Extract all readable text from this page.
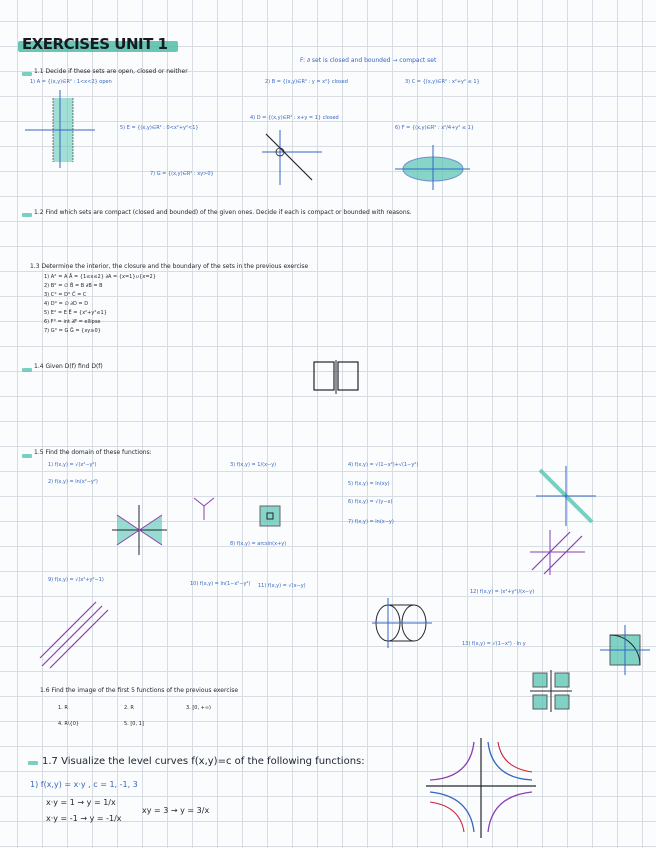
EXERCISES UNIT 1
1.1 Decide if these sets are open, closed or neither
F: ∂ set is closed and bounded → compact set
1) A = {(x,y)∈R² : 1<x<2} open	2) B = {(x,y)∈R² : y = x²} closed	3) C = {(x,y)∈R² : x²+y² ≤ 1}
4) D = {(x,y)∈R² : x+y = 1} closed
5) E = {(x,y)∈R² : 0<x²+y²<1}	6) F = {(x,y)∈R² : x²/4+y² ≤ 1}
7) G = {(x,y)∈R² : xy>0}
1.2 Find which sets are compact (closed and bounded) of the given ones. Decide if each is compact or bounded with reasons.
1.3 Determine the interior, the closure and the boundary of the sets in the previous exercise
1) A° = A Ā = {1≤x≤2} ∂A = {x=1}∪{x=2}
2) B° = ∅ B̄ = B ∂B = B
3) C° = D° C̄ = C
4) D° = ∅ ∂D = D
5) E° = E Ē = {x²+y²≤1}
6) F° = int ∂F = ellipse
7) G° = G Ḡ = {xy≥0}
1.4 Given D(f) find D(f)
1.5 Find the domain of these functions:
1) f(x,y) = √(x²−y²)
2) f(x,y) = ln(x²−y²)
3) f(x,y) = 1/(x−y)	4) f(x,y) = √(1−x²)+√(1−y²)
5) f(x,y) = ln(xy)
6) f(x,y) = √(y−x)
7) f(x,y) = ln(x−y)
8) f(x,y) = arcsin(x+y)
9) f(x,y) = √(x²+y²−1)
10) f(x,y) = ln(1−x²−y²) 11) f(x,y) = √(x−y)
12) f(x,y) = (x²+y²)/(x−y)
13) f(x,y) = √(1−x²) · ln y
1.6 Find the image of the first 5 functions of the previous exercise
1. R	2. R	3. [0, +∞)
4. R\{0}	5. [0, 1]
1.7 Visualize the level curves f(x,y)=c of the following functions:
1) f(x,y) = x·y , c = 1, -1, 3
x·y = 1 → y = 1/x
x·y = -1 → y = -1/x
xy = 3 → y = 3/x
